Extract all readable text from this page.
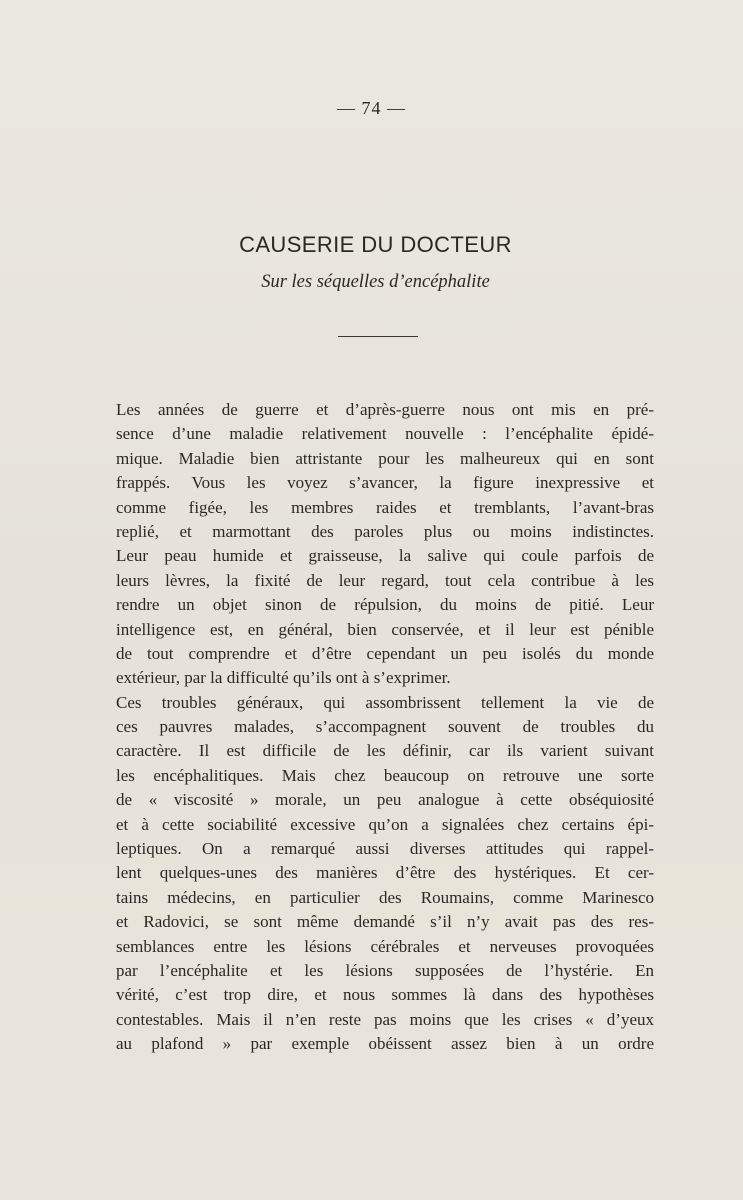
— 74 —
CAUSERIE DU DOCTEUR
Sur les séquelles d’encéphalite
Les années de guerre et d’après-guerre nous ont mis en pré-
sence d’une maladie relativement nouvelle : l’encéphalite épidé-
mique. Maladie bien attristante pour les malheureux qui en sont
frappés. Vous les voyez s’avancer, la figure inexpressive et
comme figée, les membres raides et tremblants, l’avant-bras
replié, et marmottant des paroles plus ou moins indistinctes.
Leur peau humide et graisseuse, la salive qui coule parfois de
leurs lèvres, la fixité de leur regard, tout cela contribue à les
rendre un objet sinon de répulsion, du moins de pitié. Leur
intelligence est, en général, bien conservée, et il leur est pénible
de tout comprendre et d’être cependant un peu isolés du monde
extérieur, par la difficulté qu’ils ont à s’exprimer.
Ces troubles généraux, qui assombrissent tellement la vie de
ces pauvres malades, s’accompagnent souvent de troubles du
caractère. Il est difficile de les définir, car ils varient suivant
les encéphalitiques. Mais chez beaucoup on retrouve une sorte
de « viscosité » morale, un peu analogue à cette obséquiosité
et à cette sociabilité excessive qu’on a signalées chez certains épi-
leptiques. On a remarqué aussi diverses attitudes qui rappel-
lent quelques-unes des manières d’être des hystériques. Et cer-
tains médecins, en particulier des Roumains, comme Marinesco
et Radovici, se sont même demandé s’il n’y avait pas des res-
semblances entre les lésions cérébrales et nerveuses provoquées
par l’encéphalite et les lésions supposées de l’hystérie. En
vérité, c’est trop dire, et nous sommes là dans des hypothèses
contestables. Mais il n’en reste pas moins que les crises « d’yeux
au plafond » par exemple obéissent assez bien à un ordre
